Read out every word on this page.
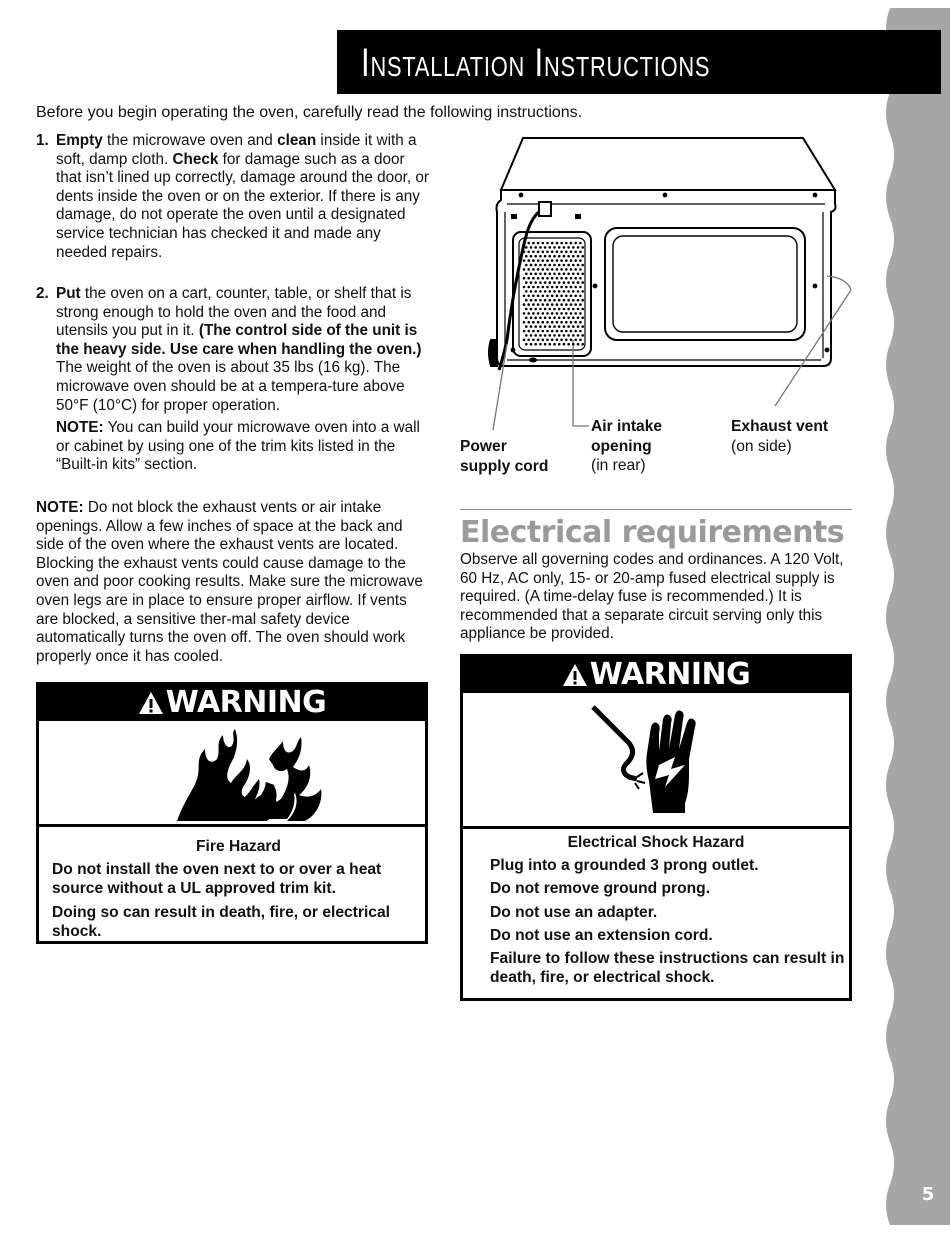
5
Installation Instructions
Before you begin operating the oven, carefully read the following instructions.
1. Empty the microwave oven and clean inside it with a soft, damp cloth. Check for damage such as a door that isn’t lined up correctly, damage around the door, or dents inside the oven or on the exterior. If there is any damage, do not operate the oven until a designated service technician has checked it and made any needed repairs.
2. Put the oven on a cart, counter, table, or shelf that is strong enough to hold the oven and the food and utensils you put in it. (The control side of the unit is the heavy side. Use care when handling the oven.) The weight of the oven is about 35 lbs (16 kg). The microwave oven should be at a tempera-ture above 50°F (10°C) for proper operation.
NOTE: You can build your microwave oven into a wall or cabinet by using one of the trim kits listed in the “Built-in kits” section.
NOTE: Do not block the exhaust vents or air intake openings. Allow a few inches of space at the back and side of the oven where the exhaust vents are located. Blocking the exhaust vents could cause damage to the oven and poor cooking results. Make sure the microwave oven legs are in place to ensure proper airflow. If vents are blocked, a sensitive ther-mal safety device automatically turns the oven off. The oven should work properly once it has cooled.
WARNING
Fire Hazard
Do not install the oven next to or over a heat source without a UL approved trim kit.
Doing so can result in death, fire, or electrical shock.
Power
supply cord
Air intake
opening
(in rear)
Exhaust vent
(on side)
Electrical requirements
Observe all governing codes and ordinances. A 120 Volt, 60 Hz, AC only, 15- or 20-amp fused electrical supply is required. (A time-delay fuse is recommended.) It is recommended that a separate circuit serving only this appliance be provided.
WARNING
Electrical Shock Hazard
Plug into a grounded 3 prong outlet.
Do not remove ground prong.
Do not use an adapter.
Do not use an extension cord.
Failure to follow these instructions can result in death, fire, or electrical shock.
